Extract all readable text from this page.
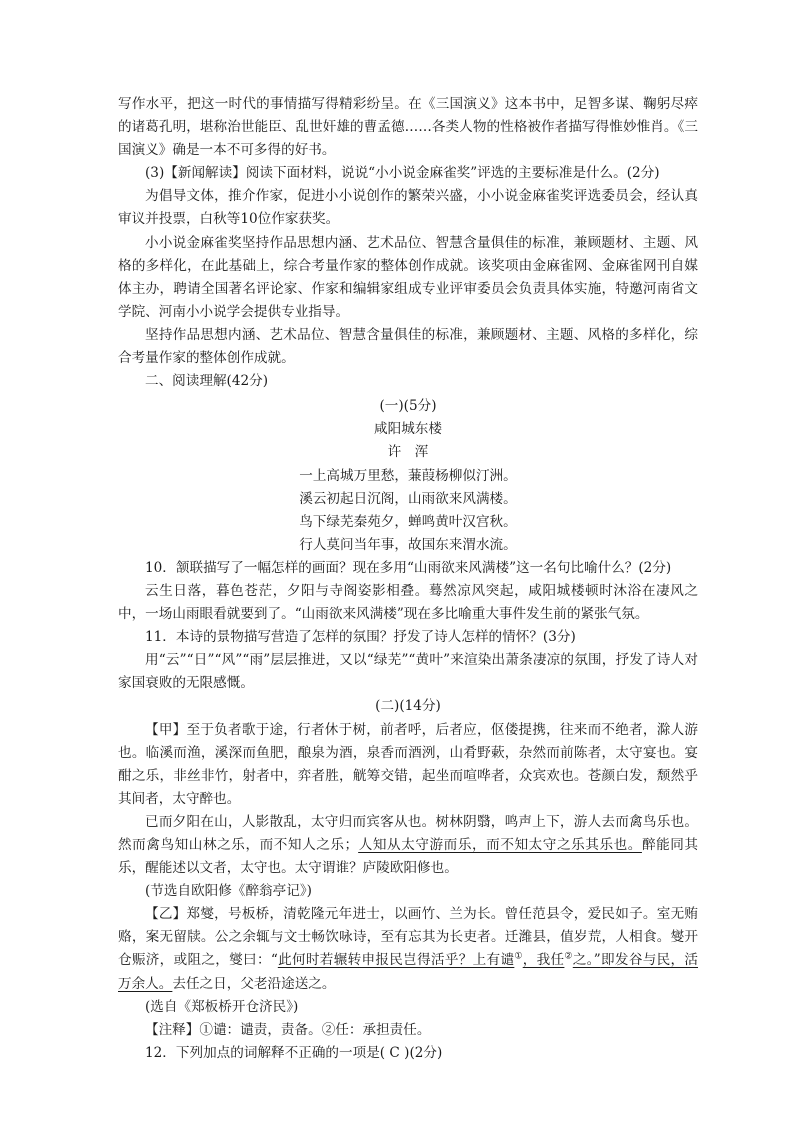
写作水平，把这一时代的事情描写得精彩纷呈。在《三国演义》这本书中，足智多谋、鞠躬尽瘁的诸葛孔明，堪称治世能臣、乱世奸雄的曹孟德……各类人物的性格被作者描写得惟妙惟肖。《三国演义》确是一本不可多得的好书。

(3)【新闻解读】阅读下面材料，说说“小小说金麻雀奖”评选的主要标准是什么。(2分)

为倡导文体，推介作家，促进小小说创作的繁荣兴盛，小小说金麻雀奖评选委员会，经认真审议并投票，白秋等10位作家获奖。

小小说金麻雀奖坚持作品思想内涵、艺术品位、智慧含量俱佳的标准，兼顾题材、主题、风格的多样化，在此基础上，综合考量作家的整体创作成就。该奖项由金麻雀网、金麻雀网刊自媒体主办，聘请全国著名评论家、作家和编辑家组成专业评审委员会负责具体实施，特邀河南省文学院、河南小小说学会提供专业指导。

坚持作品思想内涵、艺术品位、智慧含量俱佳的标准，兼顾题材、主题、风格的多样化，综合考量作家的整体创作成就。

二、阅读理解(42分)

(一)(5分)

咸阳城东楼

许　浑

一上高城万里愁，蒹葭杨柳似汀洲。

溪云初起日沉阁，山雨欲来风满楼。

鸟下绿芜秦苑夕，蝉鸣黄叶汉宫秋。

行人莫问当年事，故国东来渭水流。

10．颔联描写了一幅怎样的画面？现在多用“山雨欲来风满楼”这一名句比喻什么？(2分)

云生日落，暮色苍茫，夕阳与寺阁姿影相叠。蓦然凉风突起，咸阳城楼顿时沐浴在凄风之中，一场山雨眼看就要到了。“山雨欲来风满楼”现在多比喻重大事件发生前的紧张气氛。

11．本诗的景物描写营造了怎样的氛围？抒发了诗人怎样的情怀？(3分)

用“云”“日”“风”“雨”层层推进，又以“绿芜”“黄叶”来渲染出萧条凄凉的氛围，抒发了诗人对家国衰败的无限感慨。

(二)(14分)

【甲】至于负者歌于途，行者休于树，前者呼，后者应，伛偻提携，往来而不绝者，滁人游也。临溪而渔，溪深而鱼肥，酿泉为酒，泉香而酒洌，山肴野蔌，杂然而前陈者，太守宴也。宴酣之乐，非丝非竹，射者中，弈者胜，觥筹交错，起坐而喧哗者，众宾欢也。苍颜白发，颓然乎其间者，太守醉也。

已而夕阳在山，人影散乱，太守归而宾客从也。树林阴翳，鸣声上下，游人去而禽鸟乐也。然而禽鸟知山林之乐，而不知人之乐；人知从太守游而乐，而不知太守之乐其乐也。醉能同其乐，醒能述以文者，太守也。太守谓谁？庐陵欧阳修也。

(节选自欧阳修《醉翁亭记》)

【乙】郑燮，号板桥，清乾隆元年进士，以画竹、兰为长。曾任范县令，爱民如子。室无贿赂，案无留牍。公之余辄与文士畅饮咏诗，至有忘其为长吏者。迁潍县，值岁荒，人相食。燮开仓赈济，或阻之，燮曰：“此何时若辗转申报民岂得活乎？上有谴①，我任②之。”即发谷与民，活万余人。去任之日，父老沿途送之。

(选自《郑板桥开仓济民》)

【注释】①谴：谴责，责备。②任：承担责任。

12．下列加点的词解释不正确的一项是( C )(2分)
